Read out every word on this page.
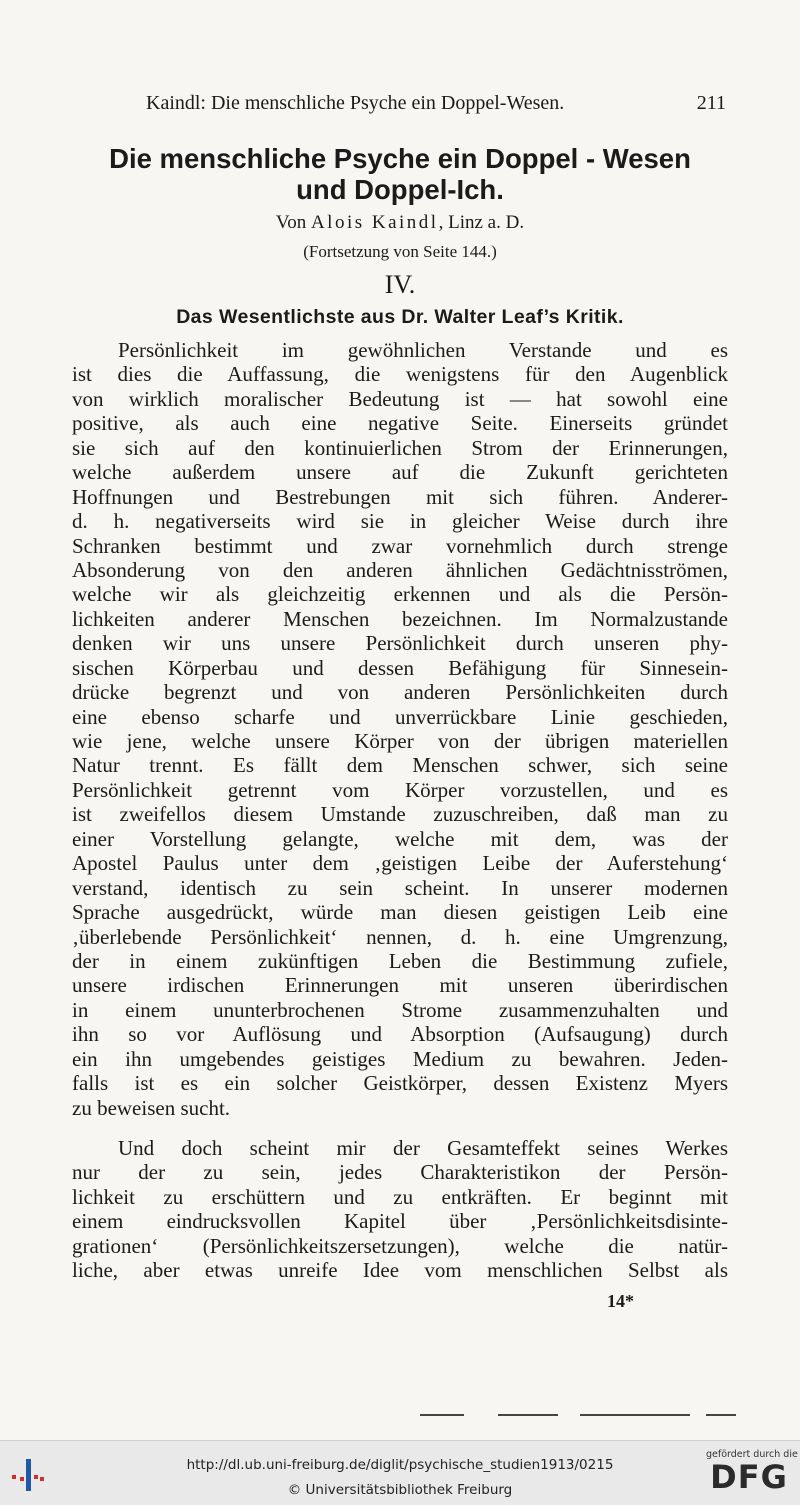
Kaindl: Die menschliche Psyche ein Doppel-Wesen.	211
Die menschliche Psyche ein Doppel - Wesen
und Doppel-Ich.
Von Alois Kaindl, Linz a. D.
(Fortsetzung von Seite 144.)
IV.
Das Wesentlichste aus Dr. Walter Leaf’s Kritik.
Persönlichkeit im gewöhnlichen Verstande und es
ist dies die Auffassung, die wenigstens für den Augenblick
von wirklich moralischer Bedeutung ist — hat sowohl eine
positive, als auch eine negative Seite. Einerseits gründet
sie sich auf den kontinuierlichen Strom der Erinnerungen,
welche außerdem unsere auf die Zukunft gerichteten
Hoffnungen und Bestrebungen mit sich führen. Anderer-
d. h. negativerseits wird sie in gleicher Weise durch ihre
Schranken bestimmt und zwar vornehmlich durch strenge
Absonderung von den anderen ähnlichen Gedächtnisströmen,
welche wir als gleichzeitig erkennen und als die Persön-
lichkeiten anderer Menschen bezeichnen. Im Normalzustande
denken wir uns unsere Persönlichkeit durch unseren phy-
sischen Körperbau und dessen Befähigung für Sinnesein-
drücke begrenzt und von anderen Persönlichkeiten durch
eine ebenso scharfe und unverrückbare Linie geschieden,
wie jene, welche unsere Körper von der übrigen materiellen
Natur trennt. Es fällt dem Menschen schwer, sich seine
Persönlichkeit getrennt vom Körper vorzustellen, und es
ist zweifellos diesem Umstande zuzuschreiben, daß man zu
einer Vorstellung gelangte, welche mit dem, was der
Apostel Paulus unter dem ‚geistigen Leibe der Auferstehung‘
verstand, identisch zu sein scheint. In unserer modernen
Sprache ausgedrückt, würde man diesen geistigen Leib eine
‚überlebende Persönlichkeit‘ nennen, d. h. eine Umgrenzung,
der in einem zukünftigen Leben die Bestimmung zufiele,
unsere irdischen Erinnerungen mit unseren überirdischen
in einem ununterbrochenen Strome zusammenzuhalten und
ihn so vor Auflösung und Absorption (Aufsaugung) durch
ein ihn umgebendes geistiges Medium zu bewahren. Jeden-
falls ist es ein solcher Geistkörper, dessen Existenz Myers
zu beweisen sucht.
Und doch scheint mir der Gesamteffekt seines Werkes
nur der zu sein, jedes Charakteristikon der Persön-
lichkeit zu erschüttern und zu entkräften. Er beginnt mit
einem eindrucksvollen Kapitel über ‚Persönlichkeitsdisinte-
grationen‘ (Persönlichkeitszersetzungen), welche die natür-
liche, aber etwas unreife Idee vom menschlichen Selbst als
14*
http://dl.ub.uni-freiburg.de/diglit/psychische_studien1913/0215
© Universitätsbibliothek Freiburg
gefördert durch die
DFG
